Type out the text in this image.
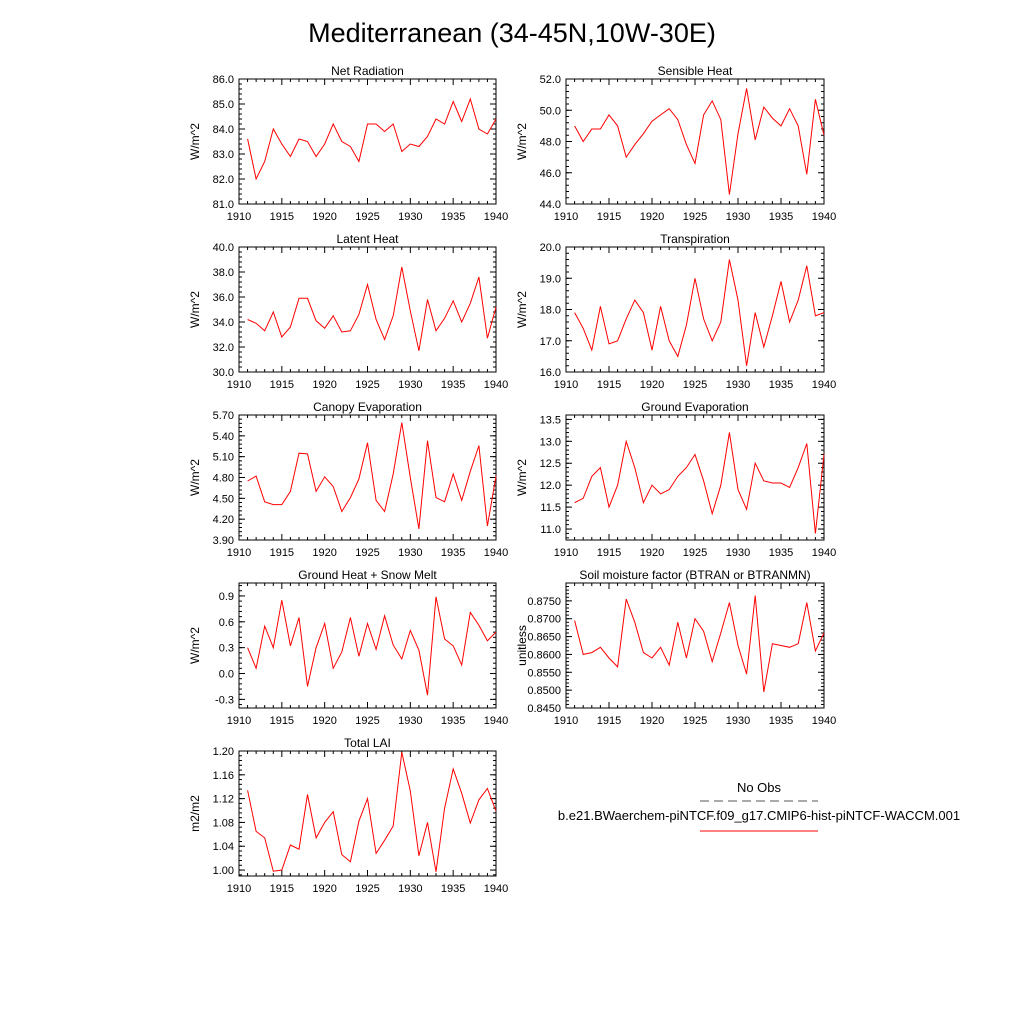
Mediterranean (34-45N,10W-30E)
Net Radiation
W/m^2
81.0
82.0
83.0
84.0
85.0
86.0
1910 1915 1920 1925 1930 1935 1940
Sensible Heat
W/m^2
44.0
46.0
48.0
50.0
52.0
1910 1915 1920 1925 1930 1935 1940
Latent Heat
W/m^2
30.0
32.0
34.0
36.0
38.0
40.0
1910 1915 1920 1925 1930 1935 1940
Transpiration
W/m^2
16.0
17.0
18.0
19.0
20.0
1910 1915 1920 1925 1930 1935 1940
Canopy Evaporation
W/m^2
3.90
4.20
4.50
4.80
5.10
5.40
5.70
1910 1915 1920 1925 1930 1935 1940
Ground Evaporation
W/m^2
11.0
11.5
12.0
12.5
13.0
13.5
1910 1915 1920 1925 1930 1935 1940
Ground Heat + Snow Melt
W/m^2
-0.3
0.0
0.3
0.6
0.9
1910 1915 1920 1925 1930 1935 1940
Soil moisture factor (BTRAN or BTRANMN)
unitless
0.8450
0.8500
0.8550
0.8600
0.8650
0.8700
0.8750
1910 1915 1920 1925 1930 1935 1940
Total LAI
m2/m2
1.00
1.04
1.08
1.12
1.16
1.20
1910 1915 1920 1925 1930 1935 1940
No Obs
b.e21.BWaerchem-piNTCF.f09_g17.CMIP6-hist-piNTCF-WACCM.001
